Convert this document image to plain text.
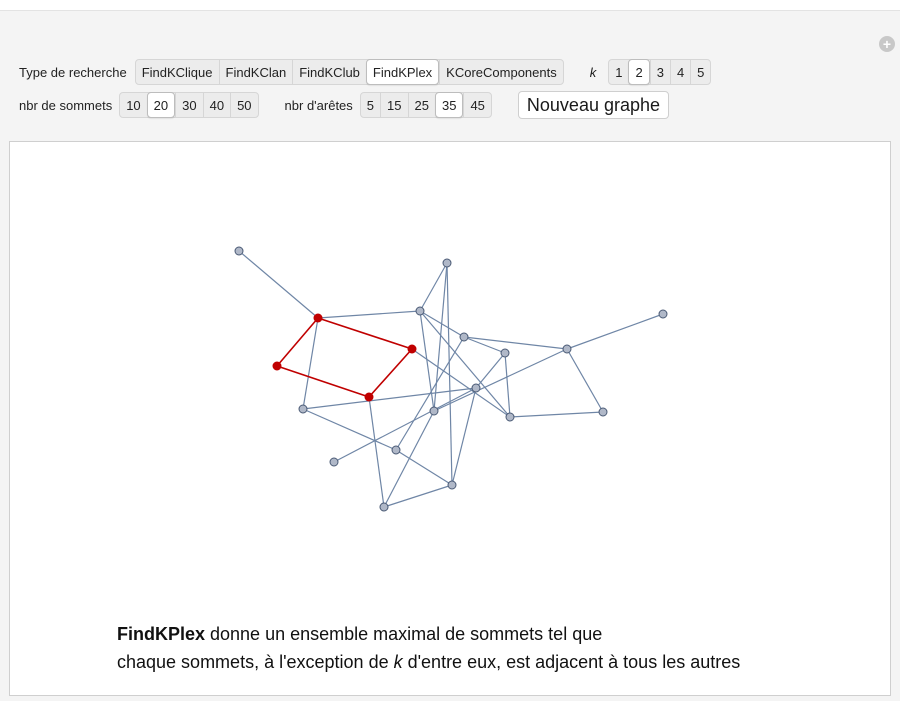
+
Type de recherche	FindKClique	FindKClan	FindKClub	FindKPlex	KCoreComponents	k	1	2	3	4	5
nbr de sommets	10	20	30	40	50	nbr d'arêtes	5	15	25	35	45	Nouveau graphe
FindKPlex donne un ensemble maximal de sommets tel que
chaque sommets, à l'exception de k d'entre eux, est adjacent à tous les autres
